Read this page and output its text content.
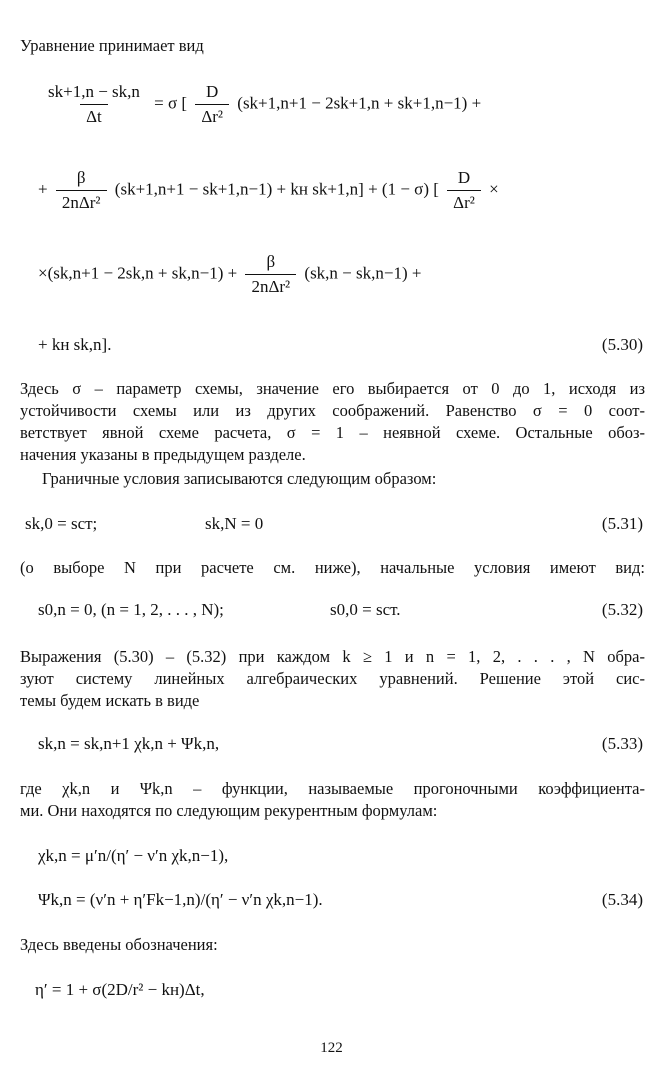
Уравнение принимает вид
$\frac{sk+1,n - sk,n}{\Delta t} = \sigma$ [ $\frac{D}{\text{Δr²}} (sk+1,n+1 - 2sk+1,n + sk+1,n-1)$ +
+ $\frac{\beta}{\text{2nΔr²}} (sk+1,n+1 - sk+1,n-1)$ + kн sk+1,n] + (1 − σ) [ $\frac{D}{\text{Δr²}}$ ×
$\times(sk,n+1 - 2sk,n + sk,n-1) + \frac{\beta}{\text{2nΔr²}} (sk,n - sk,n-1)$ +
+ kн sk,n].	(5.30)
Здесь σ – параметр схемы, значение его выбирается от 0 до 1, исходя из
устойчивости схемы или из других соображений. Равенство σ = 0 соот-
ветствует явной схеме расчета, σ = 1 – неявной схеме. Остальные обоз-
начения указаны в предыдущем разделе.
Граничные условия записываются следующим образом:
sk,0 = sст;	sk,N = 0	(5.31)
(о выборе N при расчете см. ниже), начальные условия имеют вид:
s0,n = 0, (n = 1, 2, . . . , N);	s0,0 = sст.	(5.32)
Выражения (5.30) – (5.32) при каждом k ≥ 1 и n = 1, 2, . . . , N обра-
зуют систему линейных алгебраических уравнений. Решение этой сис-
темы будем искать в виде
sk,n = sk,n+1 χk,n + Ψk,n,	(5.33)
где χk,n и Ψk,n – функции, называемые прогоночными коэффициента-
ми. Они находятся по следующим рекурентным формулам:
χk,n = μ′n/(η′ − ν′n χk,n−1),
Ψk,n = (ν′n + η′Fk−1,n)/(η′ − ν′n χk,n−1).	(5.34)
Здесь введены обозначения:
η′ = 1 + σ(2D/r² − kн)Δt,
122
